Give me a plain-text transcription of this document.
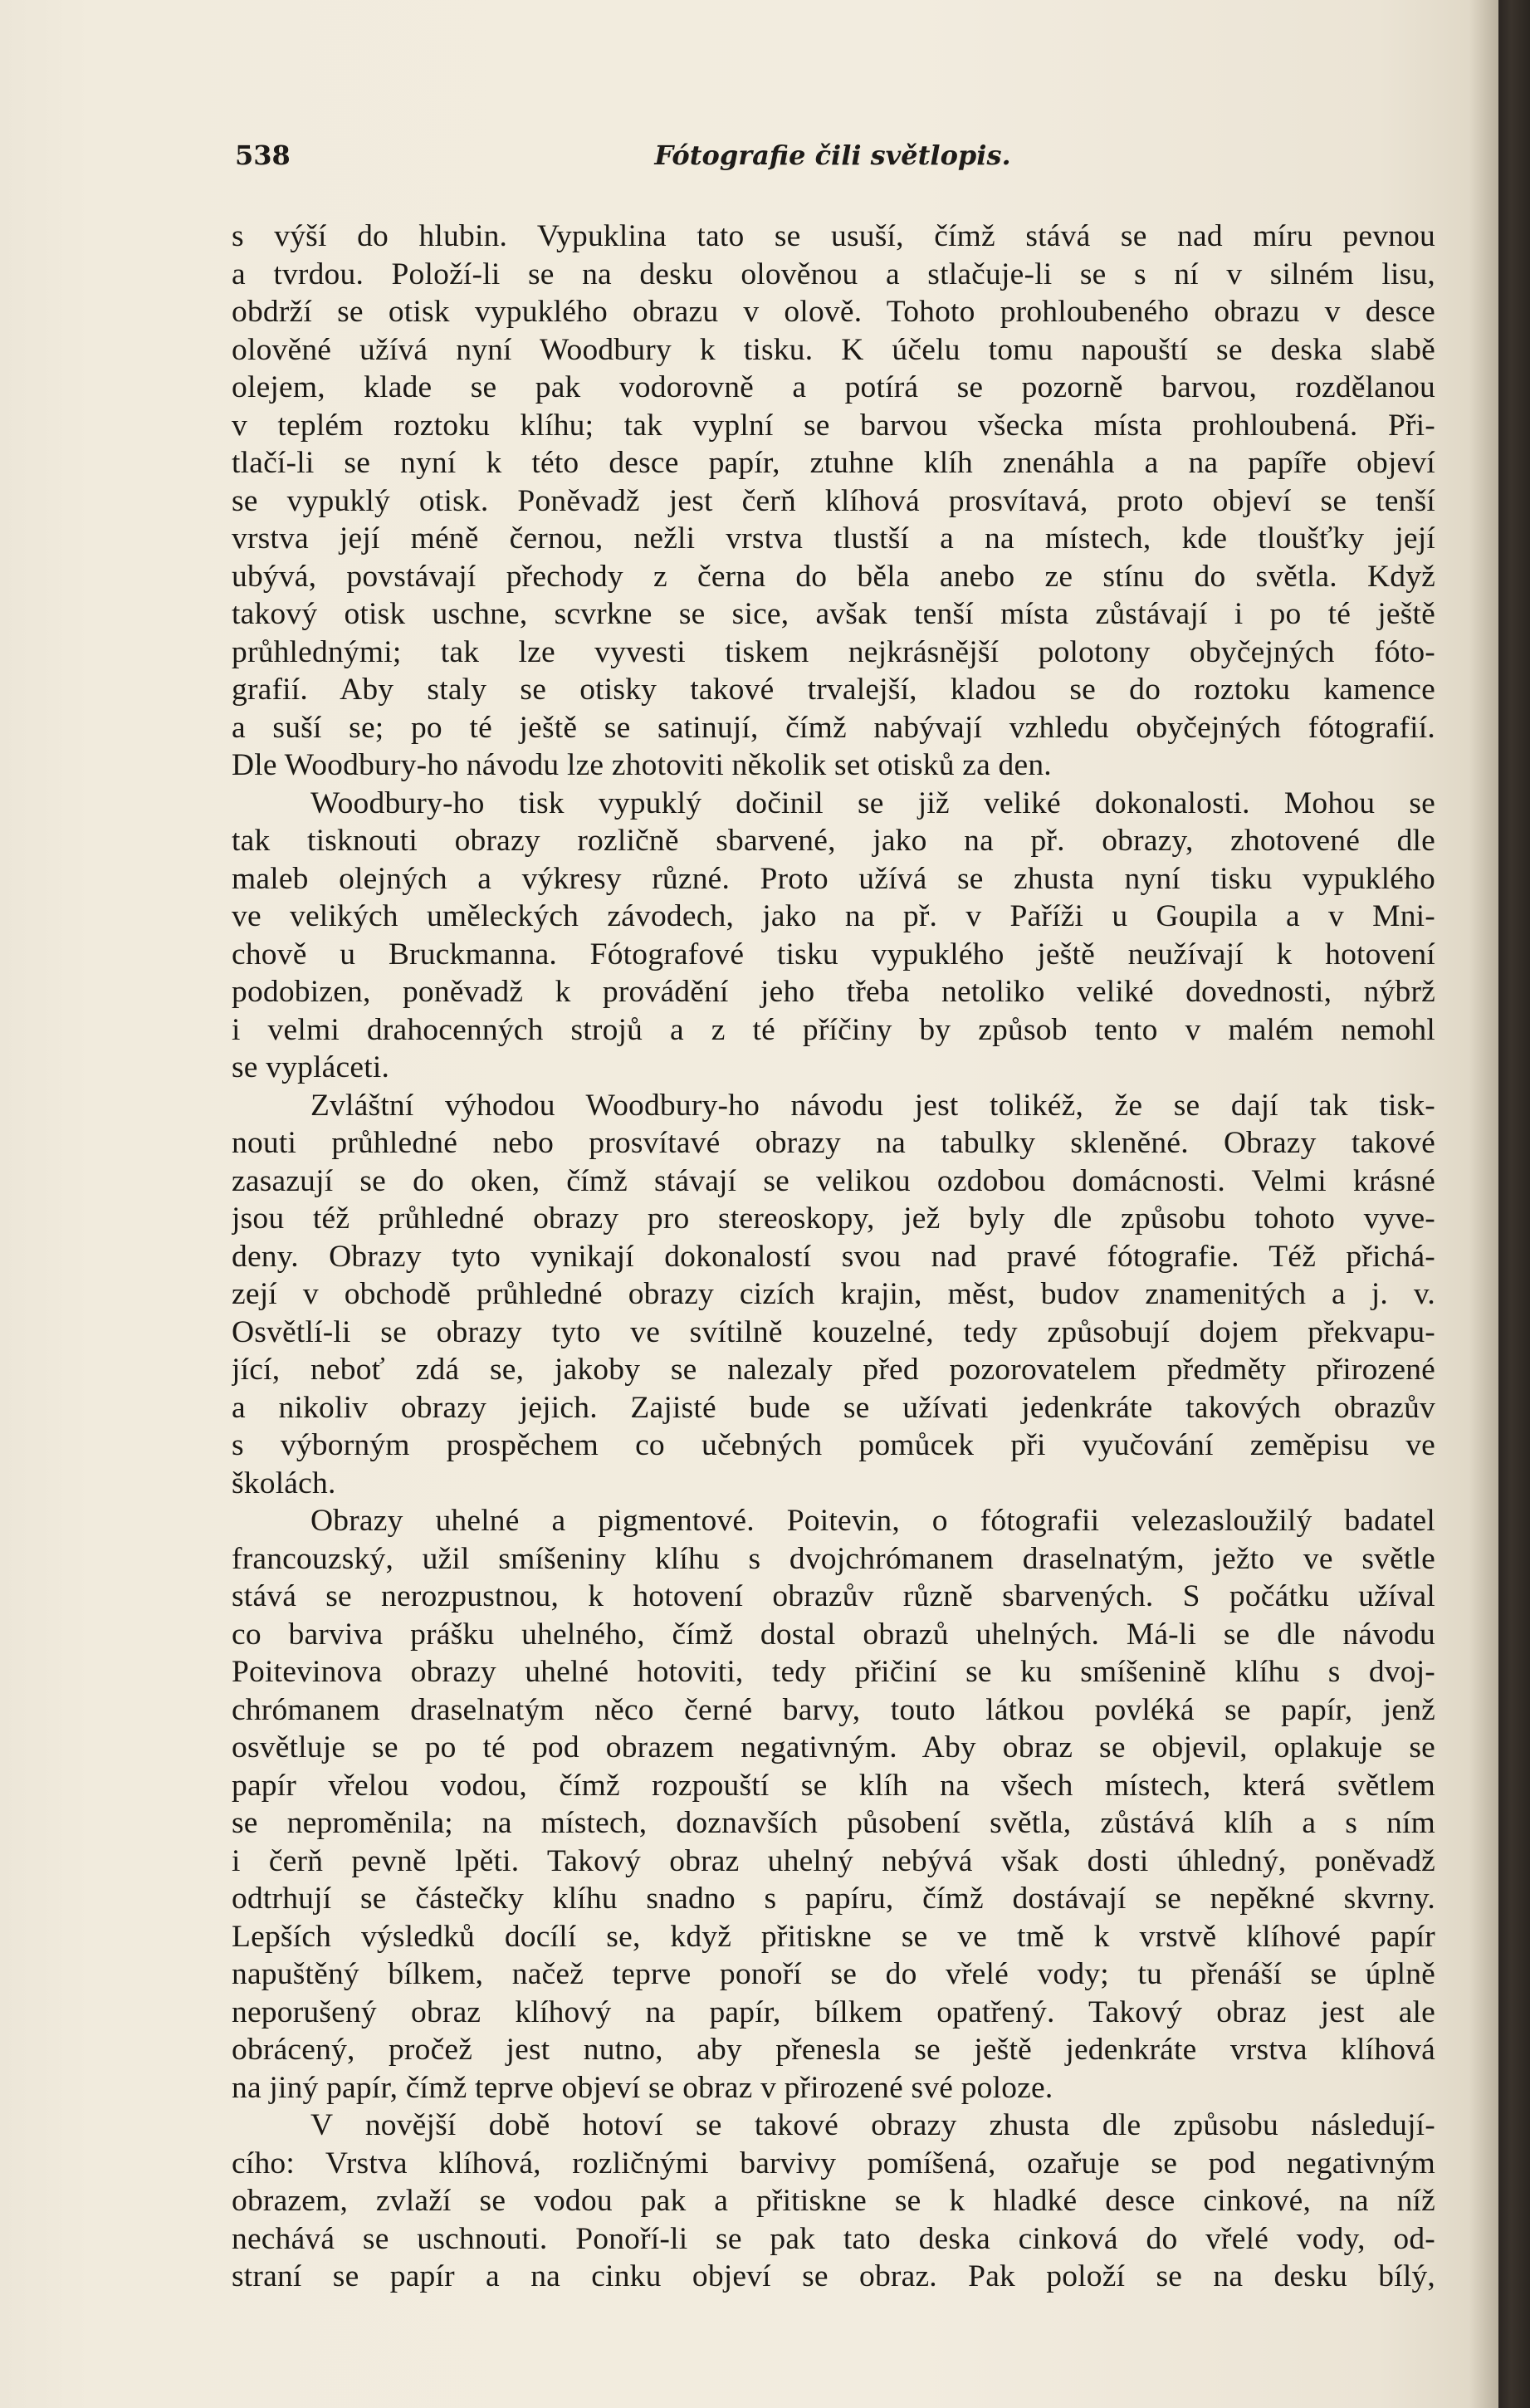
538	Fótografie čili světlopis.
s výší do hlubin. Vypuklina tato se usuší, čímž stává se nad míru pevnou
a tvrdou. Položí-li se na desku olověnou a stlačuje-li se s ní v silném lisu,
obdrží se otisk vypuklého obrazu v olově. Tohoto prohloubeného obrazu v desce
olověné užívá nyní Woodbury k tisku. K účelu tomu napouští se deska slabě
olejem, klade se pak vodorovně a potírá se pozorně barvou, rozdělanou
v teplém roztoku klíhu; tak vyplní se barvou všecka místa prohloubená. Při-
tlačí-li se nyní k této desce papír, ztuhne klíh znenáhla a na papíře objeví
se vypuklý otisk. Poněvadž jest čerň klíhová prosvítavá, proto objeví se tenší
vrstva její méně černou, nežli vrstva tlustší a na místech, kde tloušťky její
ubývá, povstávají přechody z černa do běla anebo ze stínu do světla. Když
takový otisk uschne, scvrkne se sice, avšak tenší místa zůstávají i po té ještě
průhlednými; tak lze vyvesti tiskem nejkrásnější polotony obyčejných fóto-
grafií. Aby staly se otisky takové trvalejší, kladou se do roztoku kamence
a suší se; po té ještě se satinují, čímž nabývají vzhledu obyčejných fótografií.
Dle Woodbury-ho návodu lze zhotoviti několik set otisků za den.
Woodbury-ho tisk vypuklý dočinil se již veliké dokonalosti. Mohou se
tak tisknouti obrazy rozličně sbarvené, jako na př. obrazy, zhotovené dle
maleb olejných a výkresy různé. Proto užívá se zhusta nyní tisku vypuklého
ve velikých uměleckých závodech, jako na př. v Paříži u Goupila a v Mni-
chově u Bruckmanna. Fótografové tisku vypuklého ještě neužívají k hotovení
podobizen, poněvadž k provádění jeho třeba netoliko veliké dovednosti, nýbrž
i velmi drahocenných strojů a z té příčiny by způsob tento v malém nemohl
se vypláceti.
Zvláštní výhodou Woodbury-ho návodu jest tolikéž, že se dají tak tisk-
nouti průhledné nebo prosvítavé obrazy na tabulky skleněné. Obrazy takové
zasazují se do oken, čímž stávají se velikou ozdobou domácnosti. Velmi krásné
jsou též průhledné obrazy pro stereoskopy, jež byly dle způsobu tohoto vyve-
deny. Obrazy tyto vynikají dokonalostí svou nad pravé fótografie. Též přichá-
zejí v obchodě průhledné obrazy cizích krajin, měst, budov znamenitých a j. v.
Osvětlí-li se obrazy tyto ve svítilně kouzelné, tedy způsobují dojem překvapu-
jící, neboť zdá se, jakoby se nalezaly před pozorovatelem předměty přirozené
a nikoliv obrazy jejich. Zajisté bude se užívati jedenkráte takových obrazův
s výborným prospěchem co učebných pomůcek při vyučování zeměpisu ve
školách.
Obrazy uhelné a pigmentové. Poitevin, o fótografii velezasloužilý badatel
francouzský, užil smíšeniny klíhu s dvojchrómanem draselnatým, ježto ve světle
stává se nerozpustnou, k hotovení obrazův různě sbarvených. S počátku užíval
co barviva prášku uhelného, čímž dostal obrazů uhelných. Má-li se dle návodu
Poitevinova obrazy uhelné hotoviti, tedy přičiní se ku smíšenině klíhu s dvoj-
chrómanem draselnatým něco černé barvy, touto látkou povléká se papír, jenž
osvětluje se po té pod obrazem negativným. Aby obraz se objevil, oplakuje se
papír vřelou vodou, čímž rozpouští se klíh na všech místech, která světlem
se neproměnila; na místech, doznavších působení světla, zůstává klíh a s ním
i čerň pevně lpěti. Takový obraz uhelný nebývá však dosti úhledný, poněvadž
odtrhují se částečky klíhu snadno s papíru, čímž dostávají se nepěkné skvrny.
Lepších výsledků docílí se, když přitiskne se ve tmě k vrstvě klíhové papír
napuštěný bílkem, načež teprve ponoří se do vřelé vody; tu přenáší se úplně
neporušený obraz klíhový na papír, bílkem opatřený. Takový obraz jest ale
obrácený, pročež jest nutno, aby přenesla se ještě jedenkráte vrstva klíhová
na jiný papír, čímž teprve objeví se obraz v přirozené své poloze.
V novější době hotoví se takové obrazy zhusta dle způsobu následují-
cího: Vrstva klíhová, rozličnými barvivy pomíšená, ozařuje se pod negativným
obrazem, zvlaží se vodou pak a přitiskne se k hladké desce cinkové, na níž
nechává se uschnouti. Ponoří-li se pak tato deska cinková do vřelé vody, od-
straní se papír a na cinku objeví se obraz. Pak položí se na desku bílý,
